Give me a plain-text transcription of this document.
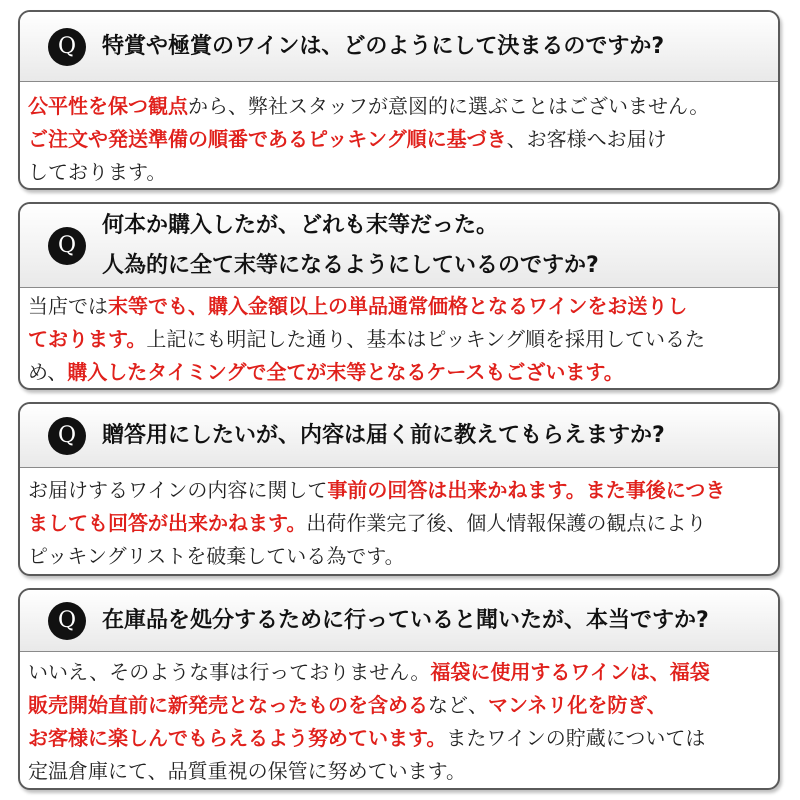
Q	特賞や極賞のワインは、どのようにして決まるのですか?
公平性を保つ観点から、弊社スタッフが意図的に選ぶことはございません。
ご注文や発送準備の順番であるピッキング順に基づき、お客様へお届け
しております。
Q
何本か購入したが、どれも末等だった。
人為的に全て末等になるようにしているのですか?
当店では末等でも、購入金額以上の単品通常価格となるワインをお送りし
ております。上記にも明記した通り、基本はピッキング順を採用しているた
め、購入したタイミングで全てが末等となるケースもございます。
Q	贈答用にしたいが、内容は届く前に教えてもらえますか?
お届けするワインの内容に関して事前の回答は出来かねます。また事後につき
ましても回答が出来かねます。出荷作業完了後、個人情報保護の観点により
ピッキングリストを破棄している為です。
Q	在庫品を処分するために行っていると聞いたが、本当ですか?
いいえ、そのような事は行っておりません。福袋に使用するワインは、福袋
販売開始直前に新発売となったものを含めるなど、マンネリ化を防ぎ、
お客様に楽しんでもらえるよう努めています。またワインの貯蔵については
定温倉庫にて、品質重視の保管に努めています。
